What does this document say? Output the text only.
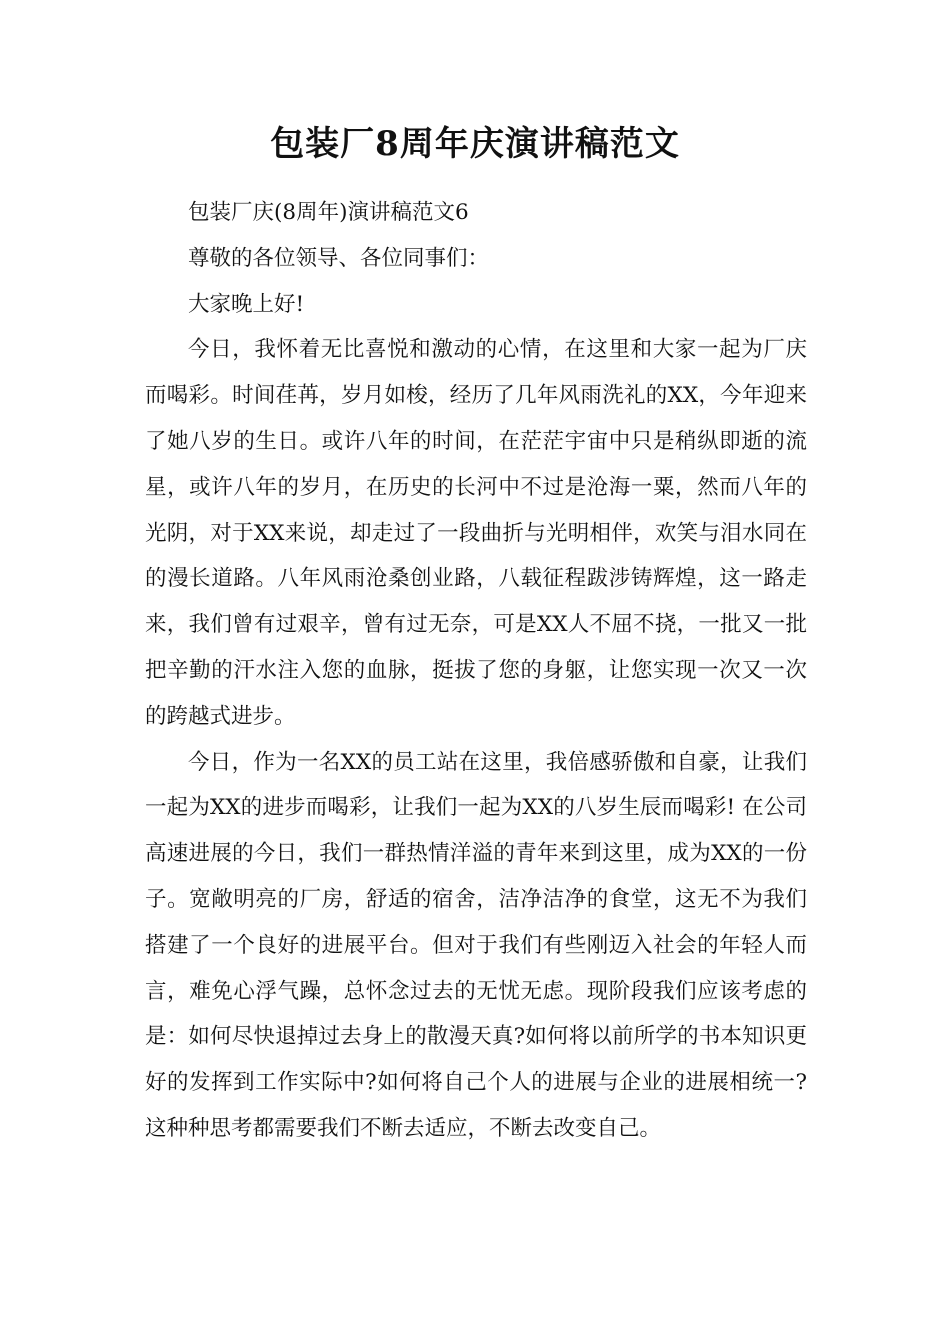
包装厂8周年庆演讲稿范文

包装厂庆(8周年)演讲稿范文6

尊敬的各位领导、各位同事们：

大家晚上好!

今日，我怀着无比喜悦和激动的心情，在这里和大家一起为厂庆而喝彩。时间荏苒，岁月如梭，经历了几年风雨洗礼的XX，今年迎来了她八岁的生日。或许八年的时间，在茫茫宇宙中只是稍纵即逝的流星，或许八年的岁月，在历史的长河中不过是沧海一粟，然而八年的光阴，对于XX来说，却走过了一段曲折与光明相伴，欢笑与泪水同在的漫长道路。八年风雨沧桑创业路，八载征程跋涉铸辉煌，这一路走来，我们曾有过艰辛，曾有过无奈，可是XX人不屈不挠，一批又一批把辛勤的汗水注入您的血脉，挺拔了您的身躯，让您实现一次又一次的跨越式进步。

今日，作为一名XX的员工站在这里，我倍感骄傲和自豪，让我们一起为XX的进步而喝彩，让我们一起为XX的八岁生辰而喝彩! 在公司高速进展的今日，我们一群热情洋溢的青年来到这里，成为XX的一份子。宽敞明亮的厂房，舒适的宿舍，洁净洁净的食堂，这无不为我们搭建了一个良好的进展平台。但对于我们有些刚迈入社会的年轻人而言，难免心浮气躁，总怀念过去的无忧无虑。现阶段我们应该考虑的是：如何尽快退掉过去身上的散漫天真?如何将以前所学的书本知识更好的发挥到工作实际中?如何将自己个人的进展与企业的进展相统一?这种种思考都需要我们不断去适应，不断去改变自己。
